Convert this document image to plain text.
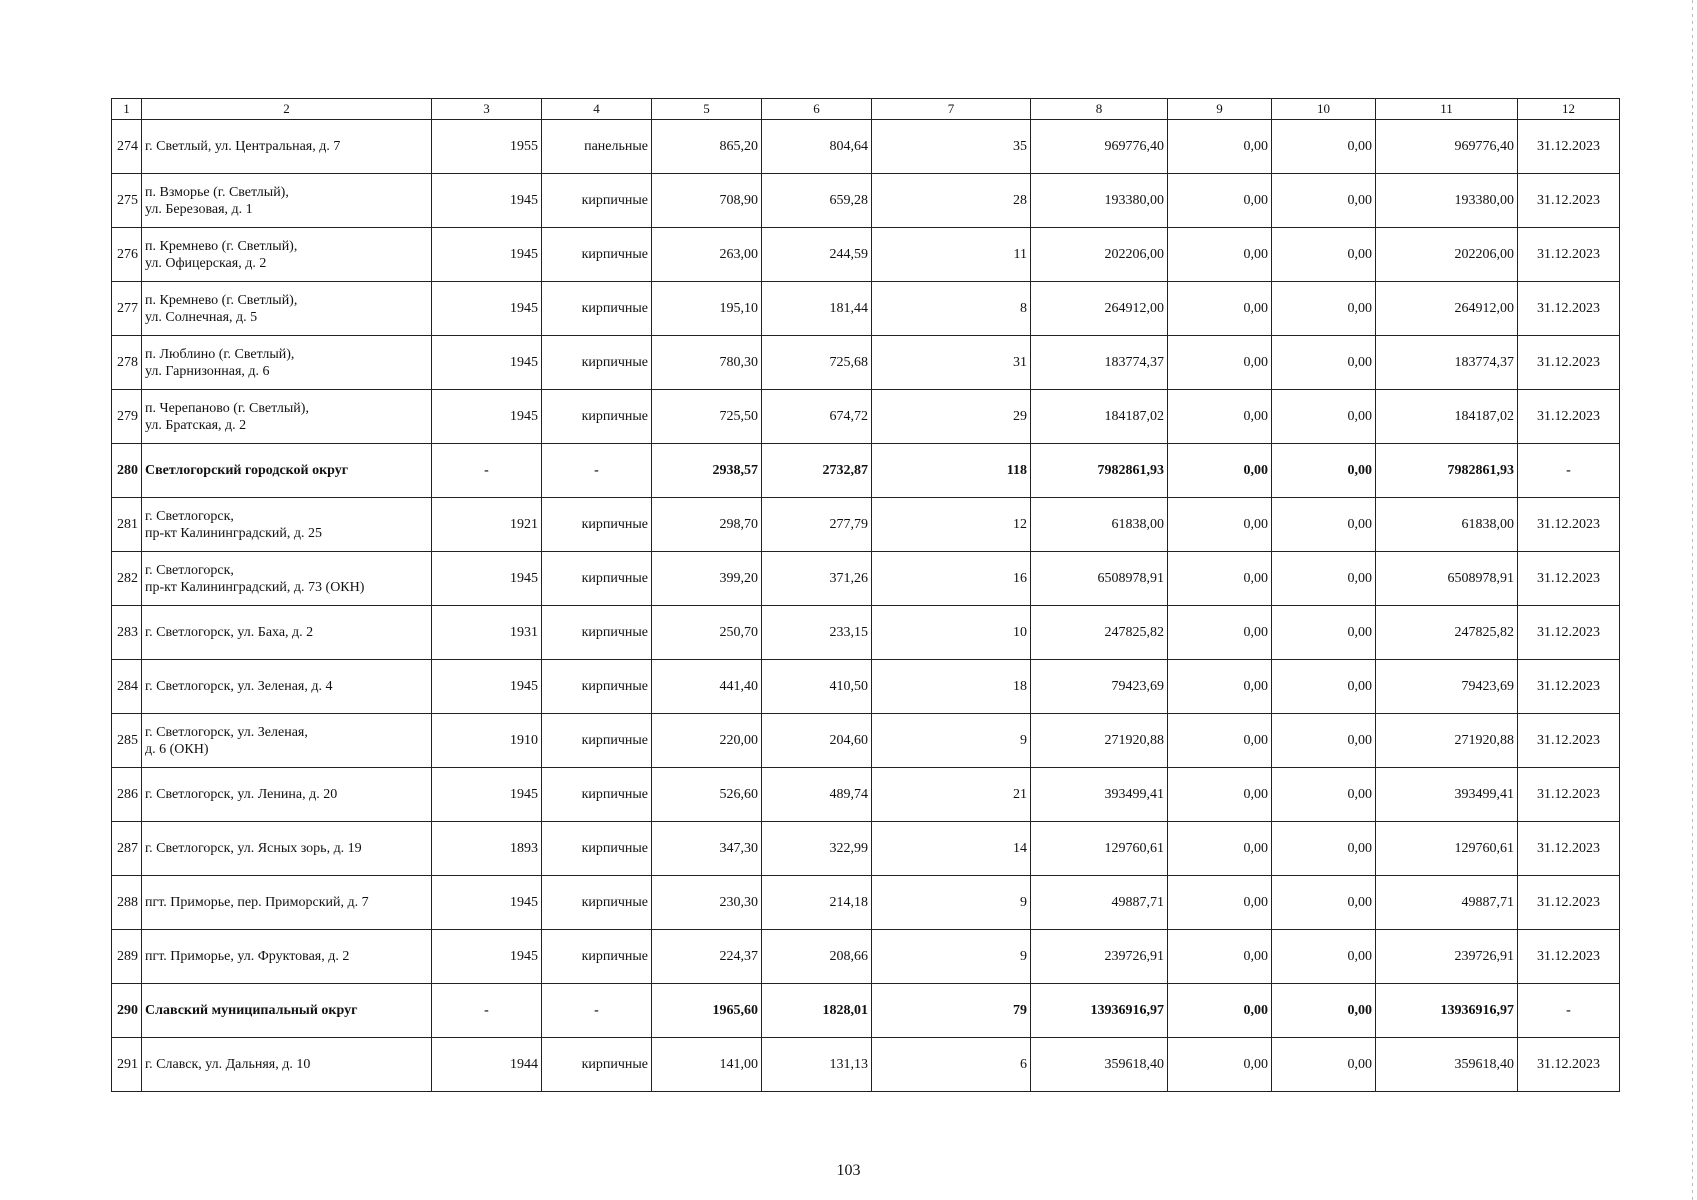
1	2	3	4	5	6	7	8	9	10	11	12
274	г. Светлый, ул. Центральная, д. 7	1955	панельные	865,20	804,64	35	969776,40	0,00	0,00	969776,40	31.12.2023
275	п. Взморье (г. Светлый),
ул. Березовая, д. 1	1945	кирпичные	708,90	659,28	28	193380,00	0,00	0,00	193380,00	31.12.2023
276	п. Кремнево (г. Светлый),
ул. Офицерская, д. 2	1945	кирпичные	263,00	244,59	11	202206,00	0,00	0,00	202206,00	31.12.2023
277	п. Кремнево (г. Светлый),
ул. Солнечная, д. 5	1945	кирпичные	195,10	181,44	8	264912,00	0,00	0,00	264912,00	31.12.2023
278	п. Люблино (г. Светлый),
ул. Гарнизонная, д. 6	1945	кирпичные	780,30	725,68	31	183774,37	0,00	0,00	183774,37	31.12.2023
279	п. Черепаново (г. Светлый),
ул. Братская, д. 2	1945	кирпичные	725,50	674,72	29	184187,02	0,00	0,00	184187,02	31.12.2023
280	Светлогорский городской округ	-	-	2938,57	2732,87	118	7982861,93	0,00	0,00	7982861,93	-
281	г. Светлогорск,
пр-кт Калининградский, д. 25	1921	кирпичные	298,70	277,79	12	61838,00	0,00	0,00	61838,00	31.12.2023
282	г. Светлогорск,
пр-кт Калининградский, д. 73 (ОКН)	1945	кирпичные	399,20	371,26	16	6508978,91	0,00	0,00	6508978,91	31.12.2023
283	г. Светлогорск, ул. Баха, д. 2	1931	кирпичные	250,70	233,15	10	247825,82	0,00	0,00	247825,82	31.12.2023
284	г. Светлогорск, ул. Зеленая, д. 4	1945	кирпичные	441,40	410,50	18	79423,69	0,00	0,00	79423,69	31.12.2023
285	г. Светлогорск, ул. Зеленая,
д. 6 (ОКН)	1910	кирпичные	220,00	204,60	9	271920,88	0,00	0,00	271920,88	31.12.2023
286	г. Светлогорск, ул. Ленина, д. 20	1945	кирпичные	526,60	489,74	21	393499,41	0,00	0,00	393499,41	31.12.2023
287	г. Светлогорск, ул. Ясных зорь, д. 19	1893	кирпичные	347,30	322,99	14	129760,61	0,00	0,00	129760,61	31.12.2023
288	пгт. Приморье, пер. Приморский, д. 7	1945	кирпичные	230,30	214,18	9	49887,71	0,00	0,00	49887,71	31.12.2023
289	пгт. Приморье, ул. Фруктовая, д. 2	1945	кирпичные	224,37	208,66	9	239726,91	0,00	0,00	239726,91	31.12.2023
290	Славский муниципальный округ	-	-	1965,60	1828,01	79	13936916,97	0,00	0,00	13936916,97	-
291	г. Славск, ул. Дальняя, д. 10	1944	кирпичные	141,00	131,13	6	359618,40	0,00	0,00	359618,40	31.12.2023
103
